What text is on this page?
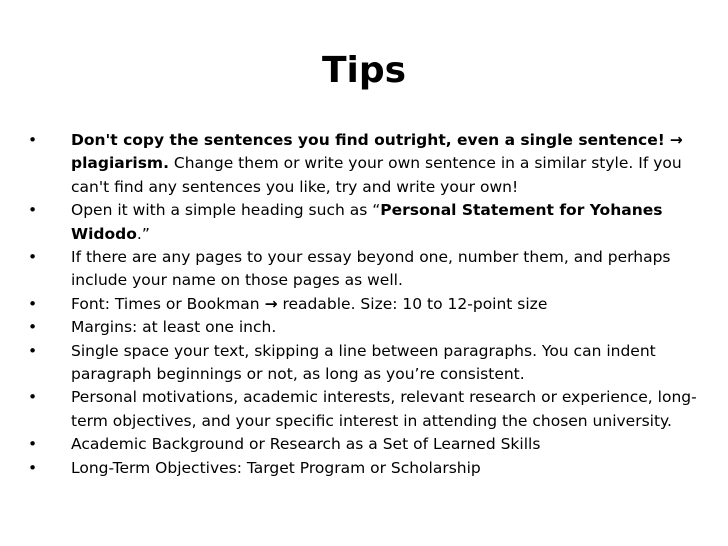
Tips
•	Don't copy the sentences you find outright, even a single sentence! → plagiarism. Change them or write your own sentence in a similar style. If you can't find any sentences you like, try and write your own!
•	Open it with a simple heading such as “Personal Statement for Yohanes Widodo.”
•	If there are any pages to your essay beyond one, number them, and perhaps include your name on those pages as well.
•	Font: Times or Bookman → readable. Size: 10 to 12-point size
•	Margins: at least one inch.
•	Single space your text, skipping a line between paragraphs. You can indent paragraph beginnings or not, as long as you’re consistent.
•	Personal motivations, academic interests, relevant research or experience, long-term objectives, and your specific interest in attending the chosen university.
•	Academic Background or Research as a Set of Learned Skills
•	Long-Term Objectives: Target Program or Scholarship
